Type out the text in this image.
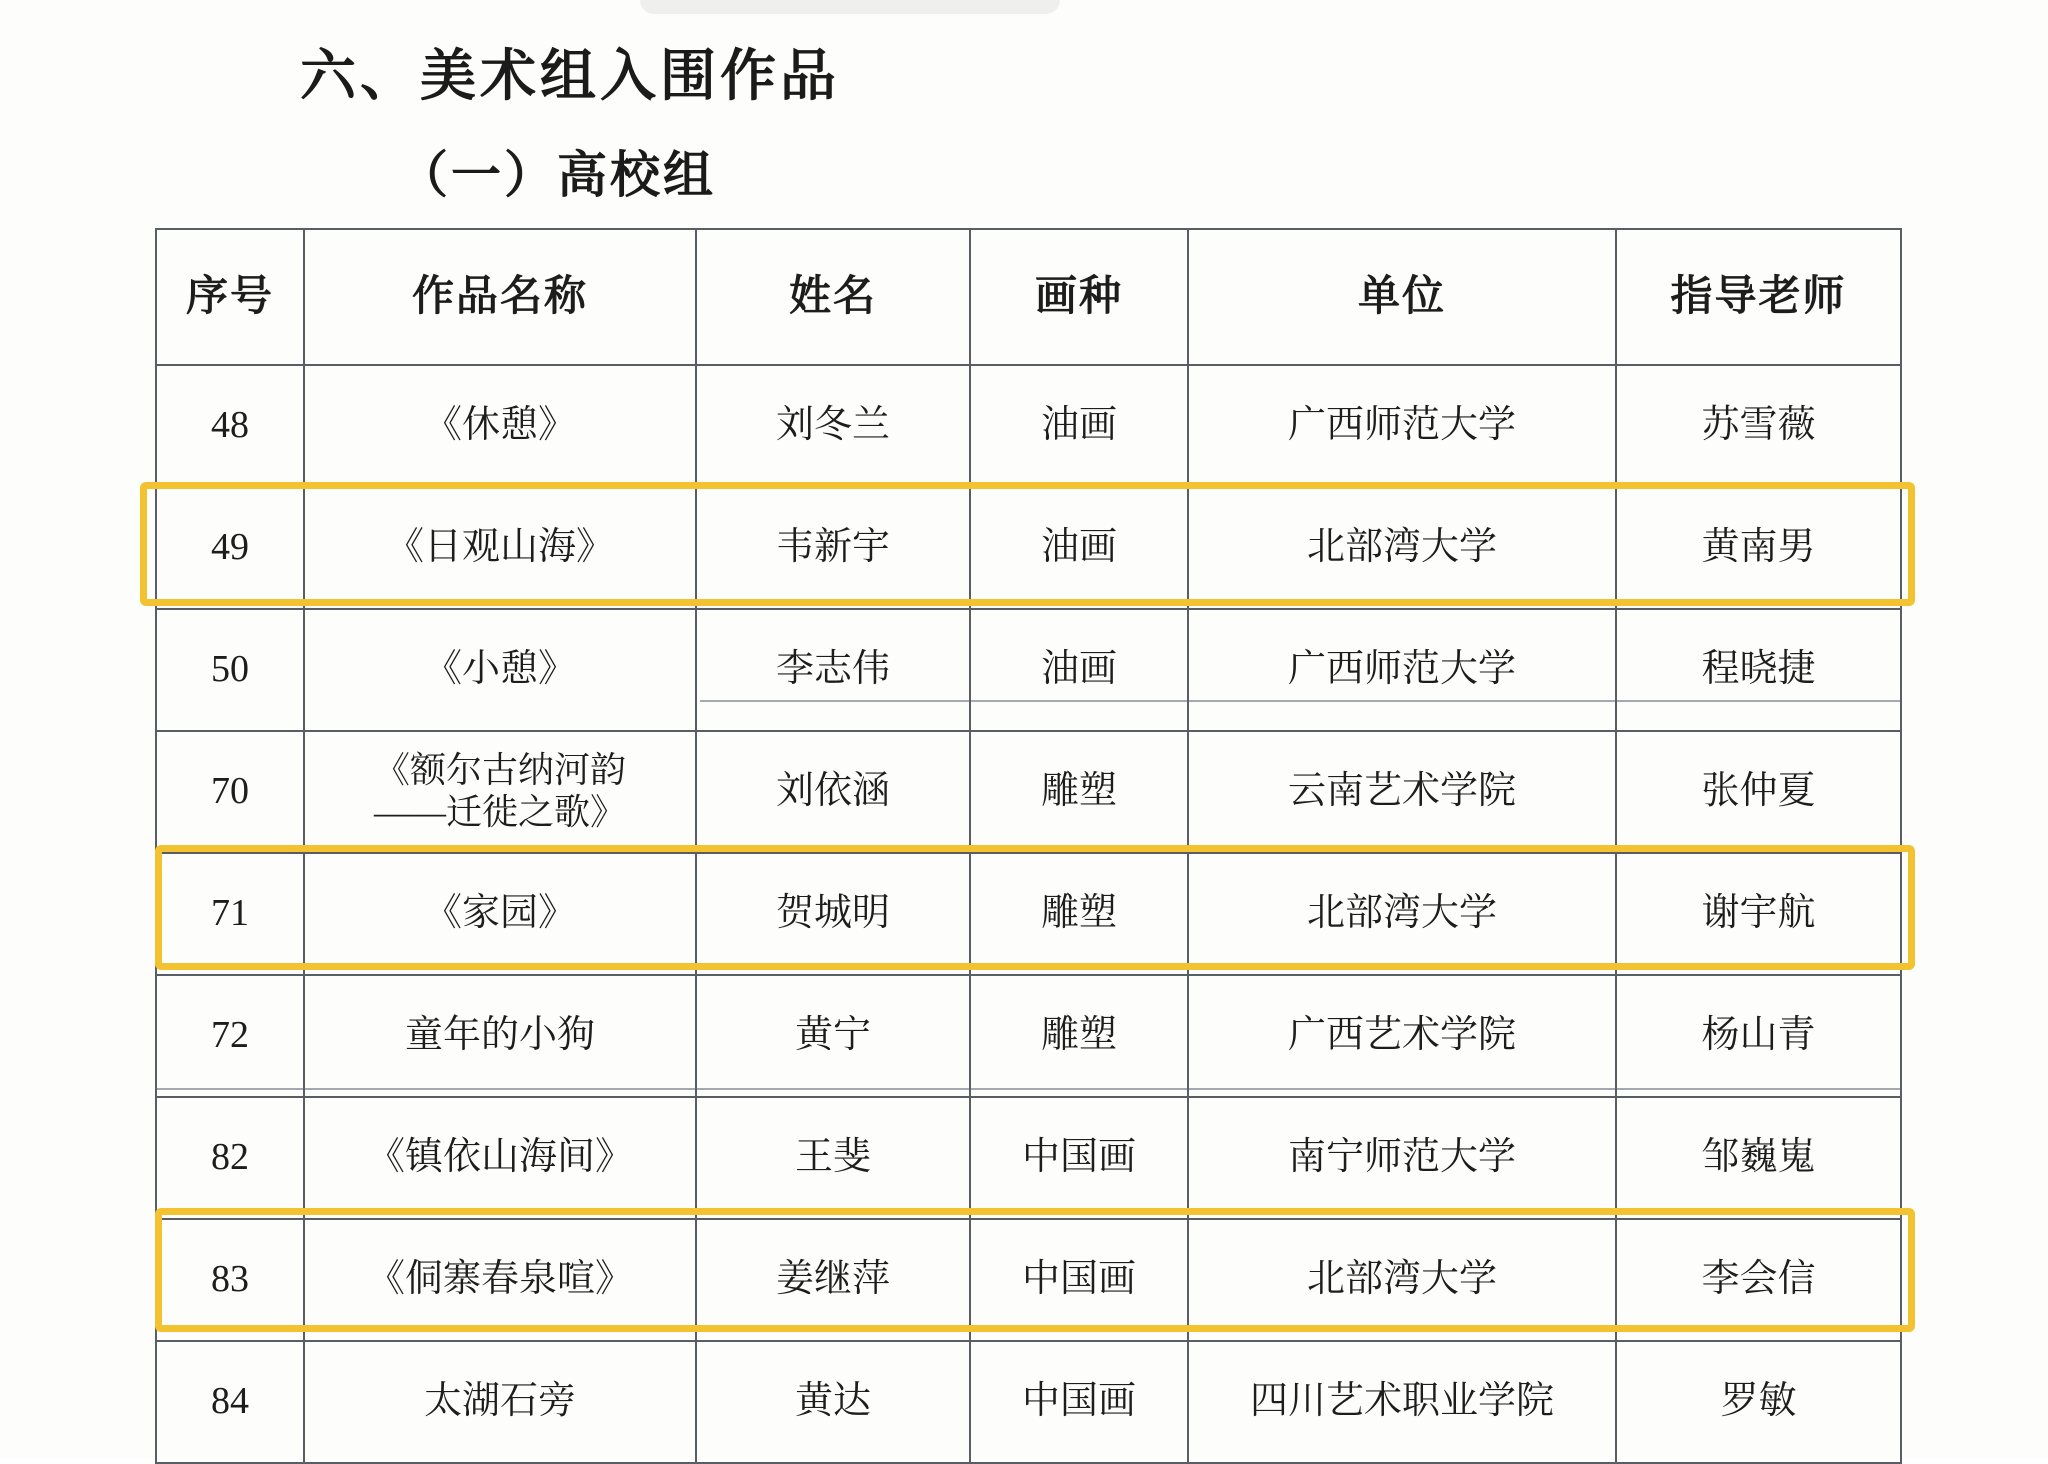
六、美术组入围作品
（一）高校组
序号	作品名称	姓名	画种	单位	指导老师
48	《休憩》	刘冬兰	油画	广西师范大学	苏雪薇
49	《日观山海》	韦新宇	油画	北部湾大学	黄南男
50	《小憩》	李志伟	油画	广西师范大学	程晓捷
70	《额尔古纳河韵
——迁徙之歌》	刘依涵	雕塑	云南艺术学院	张仲夏
71	《家园》	贺城明	雕塑	北部湾大学	谢宇航
72	童年的小狗	黄宁	雕塑	广西艺术学院	杨山青
82	《镇依山海间》	王斐	中国画	南宁师范大学	邹巍嵬
83	《侗寨春泉喧》	姜继萍	中国画	北部湾大学	李会信
84	太湖石旁	黄达	中国画	四川艺术职业学院	罗敏
